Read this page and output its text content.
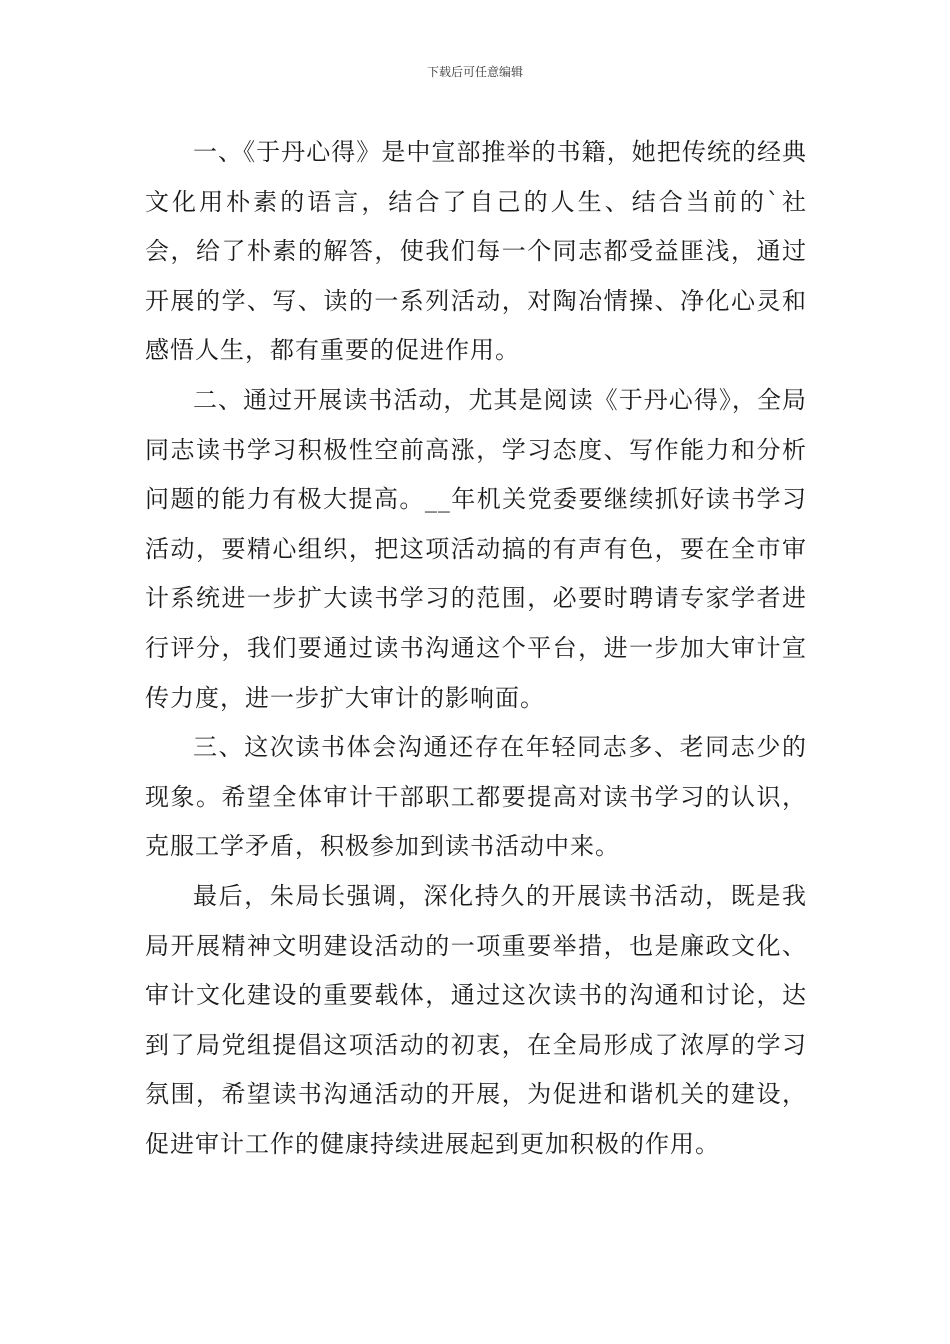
下载后可任意编辑

一、《于丹心得》是中宣部推举的书籍，她把传统的经典文化用朴素的语言，结合了自己的人生、结合当前的`社会，给了朴素的解答，使我们每一个同志都受益匪浅，通过开展的学、写、读的一系列活动，对陶冶情操、净化心灵和感悟人生，都有重要的促进作用。

二、通过开展读书活动，尤其是阅读《于丹心得》，全局同志读书学习积极性空前高涨，学习态度、写作能力和分析问题的能力有极大提高。__年机关党委要继续抓好读书学习活动，要精心组织，把这项活动搞的有声有色，要在全市审计系统进一步扩大读书学习的范围，必要时聘请专家学者进行评分，我们要通过读书沟通这个平台，进一步加大审计宣传力度，进一步扩大审计的影响面。

三、这次读书体会沟通还存在年轻同志多、老同志少的现象。希望全体审计干部职工都要提高对读书学习的认识，克服工学矛盾，积极参加到读书活动中来。

最后，朱局长强调，深化持久的开展读书活动，既是我局开展精神文明建设活动的一项重要举措，也是廉政文化、审计文化建设的重要载体，通过这次读书的沟通和讨论，达到了局党组提倡这项活动的初衷，在全局形成了浓厚的学习氛围，希望读书沟通活动的开展，为促进和谐机关的建设，促进审计工作的健康持续进展起到更加积极的作用。
